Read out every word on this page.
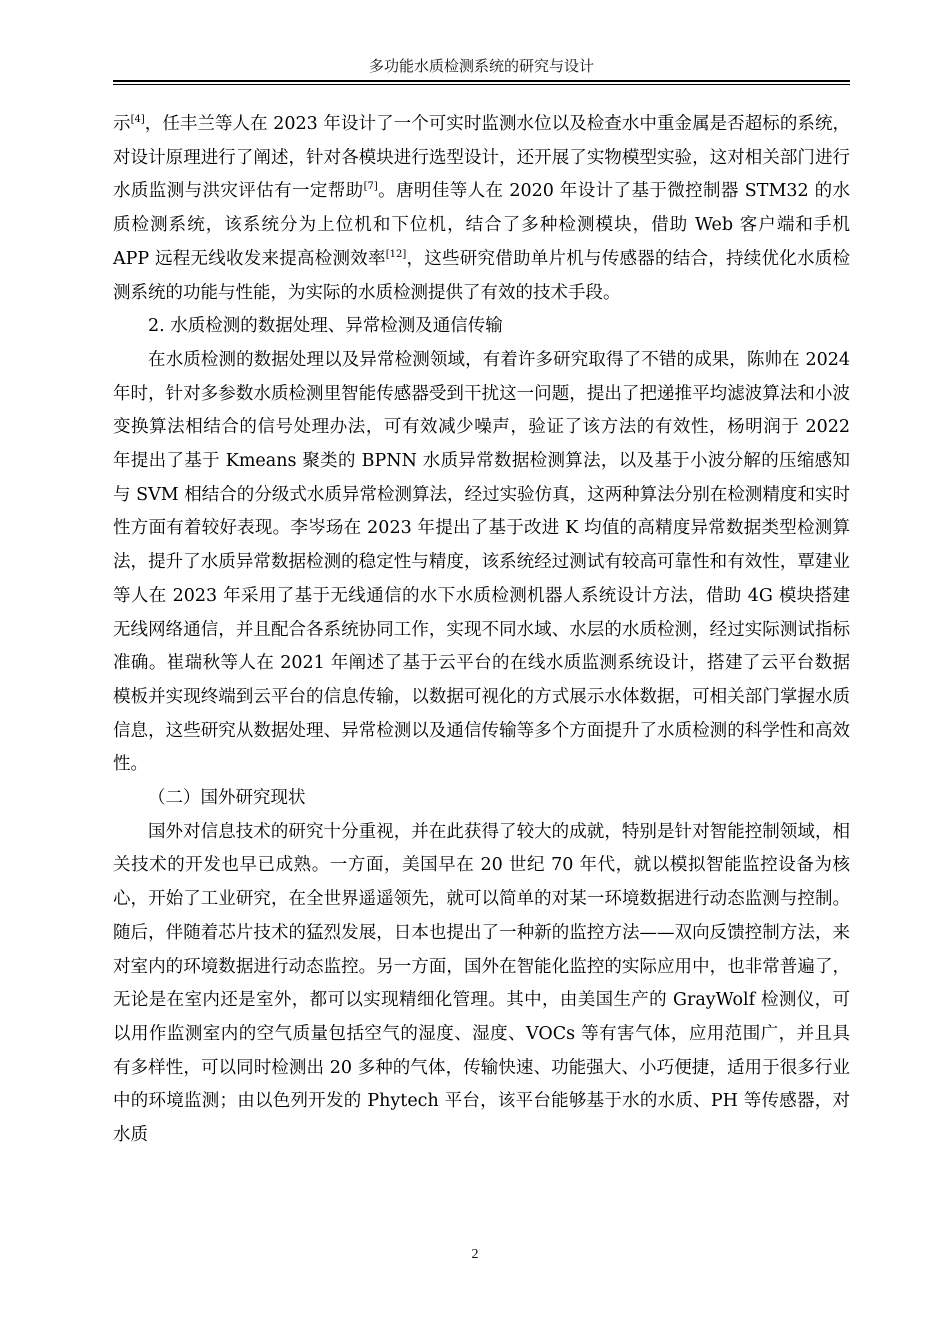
多功能水质检测系统的研究与设计

示[4]，任丰兰等人在 2023 年设计了一个可实时监测水位以及检查水中重金属是否超标的系统，对设计原理进行了阐述，针对各模块进行选型设计，还开展了实物模型实验，这对相关部门进行水质监测与洪灾评估有一定帮助[7]。唐明佳等人在 2020 年设计了基于微控制器 STM32 的水质检测系统，该系统分为上位机和下位机，结合了多种检测模块，借助 Web 客户端和手机 APP 远程无线收发来提高检测效率[12]，这些研究借助单片机与传感器的结合，持续优化水质检测系统的功能与性能，为实际的水质检测提供了有效的技术手段。

2. 水质检测的数据处理、异常检测及通信传输

在水质检测的数据处理以及异常检测领域，有着许多研究取得了不错的成果，陈帅在 2024 年时，针对多参数水质检测里智能传感器受到干扰这一问题，提出了把递推平均滤波算法和小波变换算法相结合的信号处理办法，可有效减少噪声，验证了该方法的有效性，杨明润于 2022 年提出了基于 Kmeans 聚类的 BPNN 水质异常数据检测算法，以及基于小波分解的压缩感知与 SVM 相结合的分级式水质异常检测算法，经过实验仿真，这两种算法分别在检测精度和实时性方面有着较好表现。李岑玚在 2023 年提出了基于改进 K 均值的高精度异常数据类型检测算法，提升了水质异常数据检测的稳定性与精度，该系统经过测试有较高可靠性和有效性，覃建业等人在 2023 年采用了基于无线通信的水下水质检测机器人系统设计方法，借助 4G 模块搭建无线网络通信，并且配合各系统协同工作，实现不同水域、水层的水质检测，经过实际测试指标准确。崔瑞秋等人在 2021 年阐述了基于云平台的在线水质监测系统设计，搭建了云平台数据模板并实现终端到云平台的信息传输，以数据可视化的方式展示水体数据，可相关部门掌握水质信息，这些研究从数据处理、异常检测以及通信传输等多个方面提升了水质检测的科学性和高效性。

（二）国外研究现状

国外对信息技术的研究十分重视，并在此获得了较大的成就，特别是针对智能控制领域，相关技术的开发也早已成熟。一方面，美国早在 20 世纪 70 年代，就以模拟智能监控设备为核心，开始了工业研究，在全世界遥遥领先，就可以简单的对某一环境数据进行动态监测与控制。随后，伴随着芯片技术的猛烈发展，日本也提出了一种新的监控方法——双向反馈控制方法，来对室内的环境数据进行动态监控。另一方面，国外在智能化监控的实际应用中，也非常普遍了，无论是在室内还是室外，都可以实现精细化管理。其中，由美国生产的 GrayWolf 检测仪，可以用作监测室内的空气质量包括空气的湿度、湿度、VOCs 等有害气体，应用范围广，并且具有多样性，可以同时检测出 20 多种的气体，传输快速、功能强大、小巧便捷，适用于很多行业中的环境监测；由以色列开发的 Phytech 平台，该平台能够基于水的水质、PH 等传感器，对水质

2
